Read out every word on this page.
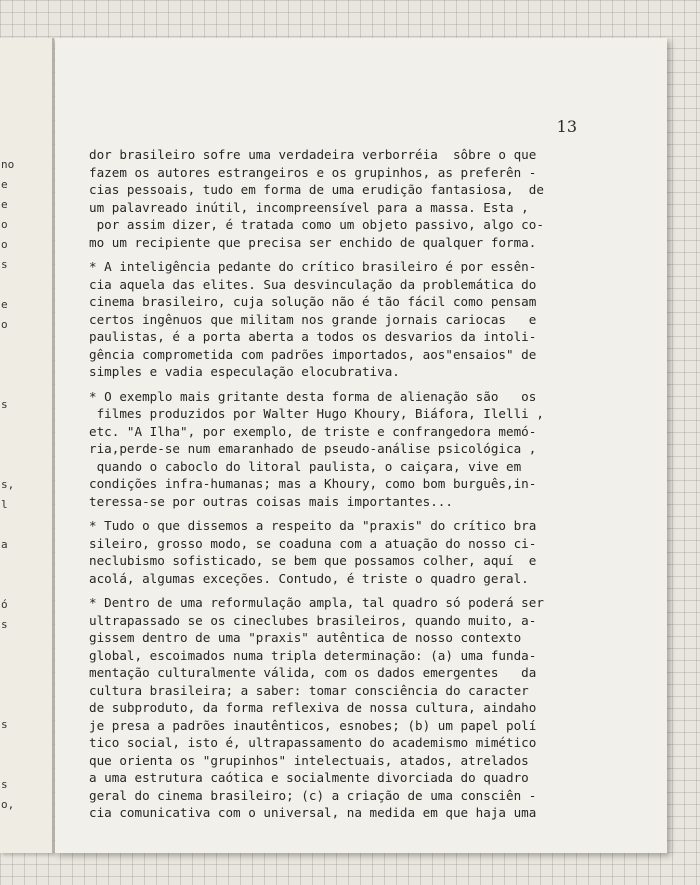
no
e
e
o
o
s
e
o
s
s,
l
a
ó
s
s
s
o,
13
dor brasileiro sofre uma verdadeira verborréia  sôbre o que
fazem os autores estrangeiros e os grupinhos, as preferên -
cias pessoais, tudo em forma de uma erudição fantasiosa,  de
um palavreado inútil, incompreensível para a massa. Esta ,
por assim dizer, é tratada como um objeto passivo, algo co-
mo um recipiente que precisa ser enchido de qualquer forma.
* A inteligência pedante do crítico brasileiro é por essên-
cia aquela das elites. Sua desvinculação da problemática do
cinema brasileiro, cuja solução não é tão fácil como pensam
certos ingênuos que militam nos grande jornais cariocas   e
paulistas, é a porta aberta a todos os desvarios da intoli-
gência comprometida com padrões importados, aos"ensaios" de
simples e vadia especulação elocubrativa.
* O exemplo mais gritante desta forma de alienação são   os
filmes produzidos por Walter Hugo Khoury, Biáfora, Ilelli ,
etc. "A Ilha", por exemplo, de triste e confrangedora memó-
ria,perde-se num emaranhado de pseudo-análise psicológica ,
quando o caboclo do litoral paulista, o caiçara, vive em
condições infra-humanas; mas a Khoury, como bom burguês,in-
teressa-se por outras coisas mais importantes...
* Tudo o que dissemos a respeito da "praxis" do crítico bra
sileiro, grosso modo, se coaduna com a atuação do nosso ci-
neclubismo sofisticado, se bem que possamos colher, aquí  e
acolá, algumas exceções. Contudo, é triste o quadro geral.
* Dentro de uma reformulação ampla, tal quadro só poderá ser
ultrapassado se os cineclubes brasileiros, quando muito, a-
gissem dentro de uma "praxis" autêntica de nosso contexto
global, escoimados numa tripla determinação: (a) uma funda-
mentação culturalmente válida, com os dados emergentes   da
cultura brasileira; a saber: tomar consciência do caracter
de subproduto, da forma reflexiva de nossa cultura, aindaho
je presa a padrões inautênticos, esnobes; (b) um papel polí
tico social, isto é, ultrapassamento do academismo mimético
que orienta os "grupinhos" intelectuais, atados, atrelados
a uma estrutura caótica e socialmente divorciada do quadro
geral do cinema brasileiro; (c) a criação de uma consciên -
cia comunicativa com o universal, na medida em que haja uma
